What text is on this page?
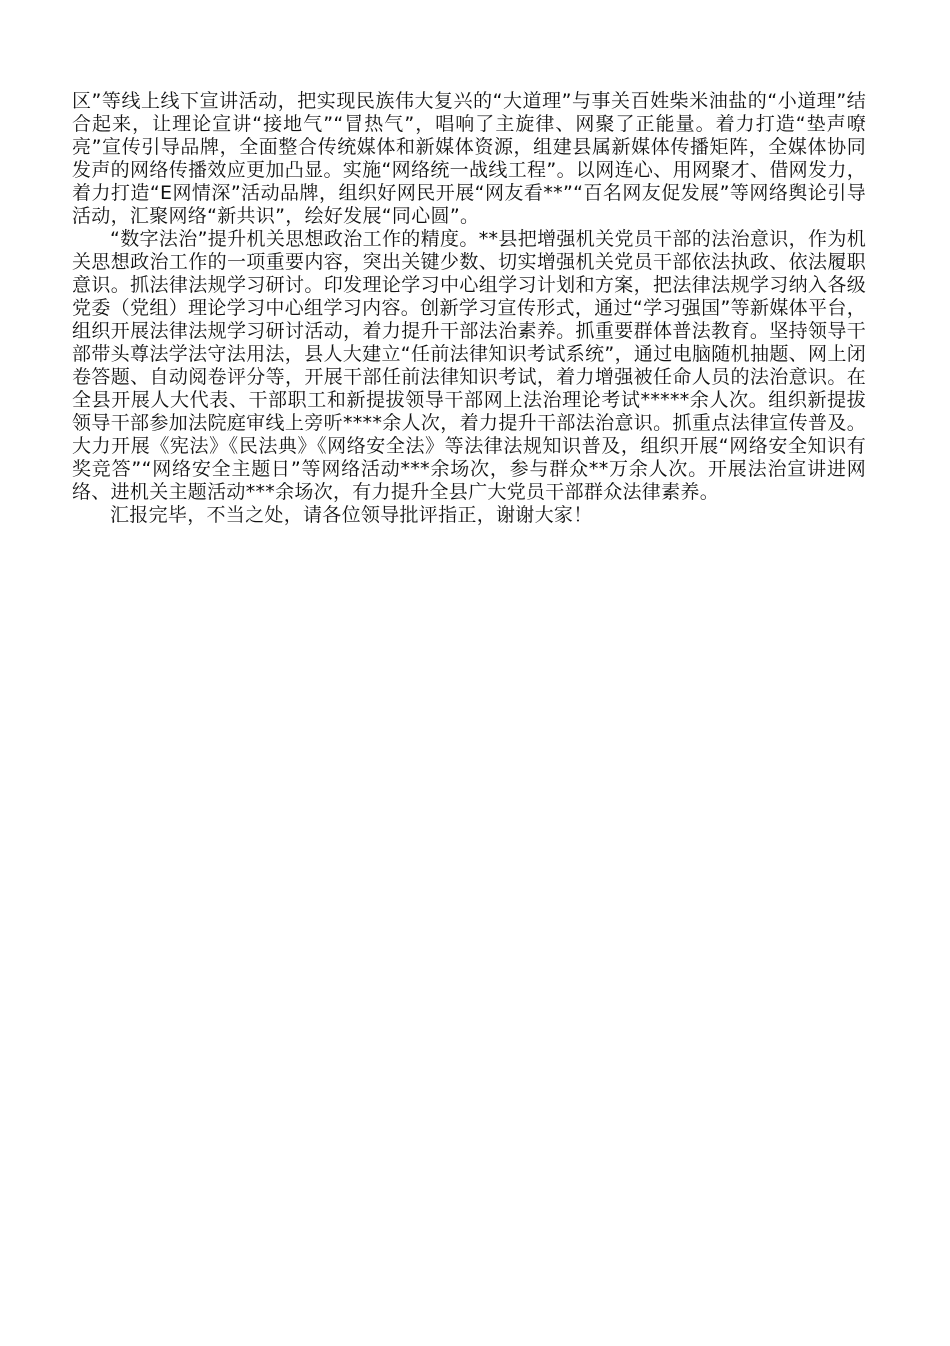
区”等线上线下宣讲活动，把实现民族伟大复兴的“大道理”与事关百姓柴米油盐的“小道理”结合起来，让理论宣讲“接地气”“冒热气”，唱响了主旋律、网聚了正能量。着力打造“垫声嘹亮”宣传引导品牌，全面整合传统媒体和新媒体资源，组建县属新媒体传播矩阵，全媒体协同发声的网络传播效应更加凸显。实施“网络统一战线工程”。以网连心、用网聚才、借网发力，着力打造“E网情深”活动品牌，组织好网民开展“网友看**”“百名网友促发展”等网络舆论引导活动，汇聚网络“新共识”，绘好发展“同心圆”。

“数字法治”提升机关思想政治工作的精度。**县把增强机关党员干部的法治意识，作为机关思想政治工作的一项重要内容，突出关键少数、切实增强机关党员干部依法执政、依法履职意识。抓法律法规学习研讨。印发理论学习中心组学习计划和方案，把法律法规学习纳入各级党委（党组）理论学习中心组学习内容。创新学习宣传形式，通过“学习强国”等新媒体平台，组织开展法律法规学习研讨活动，着力提升干部法治素养。抓重要群体普法教育。坚持领导干部带头尊法学法守法用法，县人大建立“任前法律知识考试系统”，通过电脑随机抽题、网上闭卷答题、自动阅卷评分等，开展干部任前法律知识考试，着力增强被任命人员的法治意识。在全县开展人大代表、干部职工和新提拔领导干部网上法治理论考试*****余人次。组织新提拔领导干部参加法院庭审线上旁听****余人次，着力提升干部法治意识。抓重点法律宣传普及。大力开展《宪法》《民法典》《网络安全法》等法律法规知识普及，组织开展“网络安全知识有奖竞答”“网络安全主题日”等网络活动***余场次，参与群众**万余人次。开展法治宣讲进网络、进机关主题活动***余场次，有力提升全县广大党员干部群众法律素养。

汇报完毕，不当之处，请各位领导批评指正，谢谢大家！
